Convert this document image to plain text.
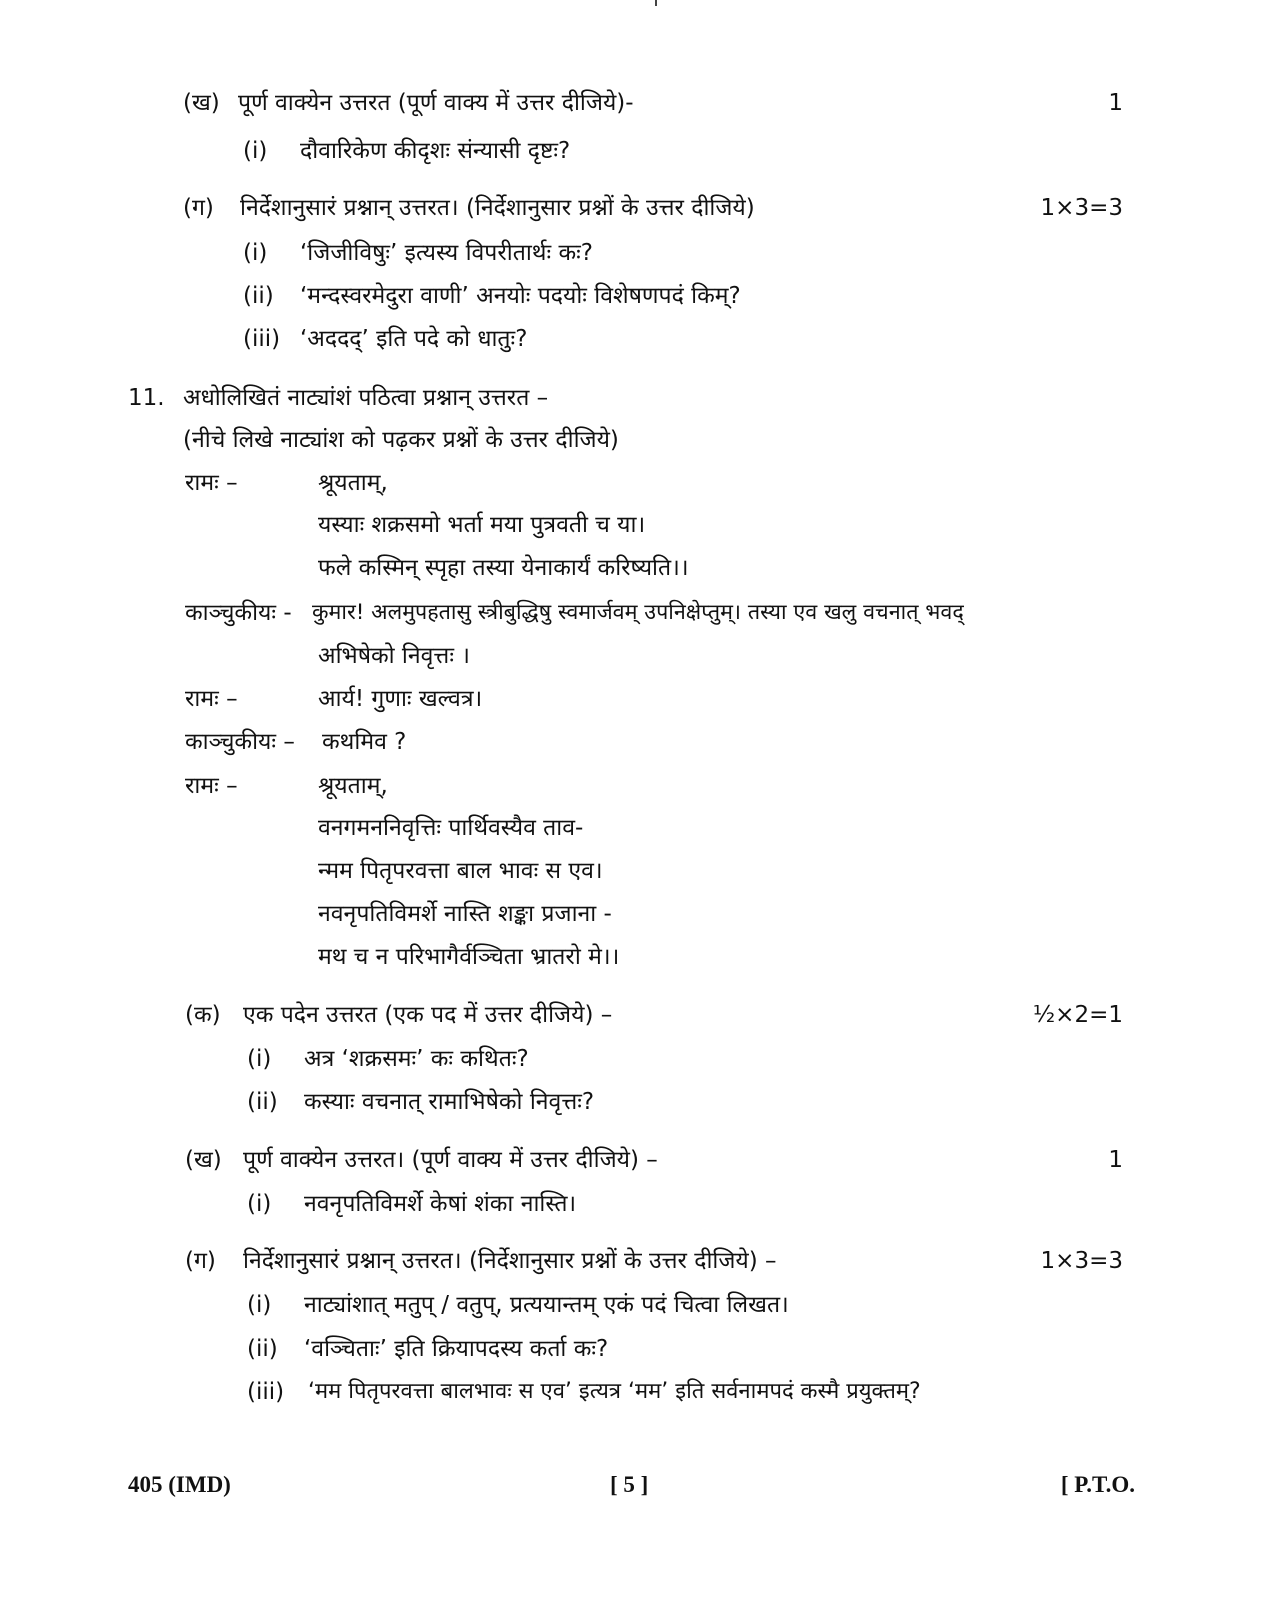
(ख) पूर्ण वाक्येन उत्तरत (पूर्ण वाक्य में उत्तर दीजिये)-	1
(i) दौवारिकेण कीदृशः संन्यासी दृष्टः?
(ग) निर्देशानुसारं प्रश्नान् उत्तरत। (निर्देशानुसार प्रश्नों के उत्तर दीजिये)	1×3=3
(i) ‘जिजीविषुः’ इत्यस्य विपरीतार्थः कः?
(ii) ‘मन्दस्वरमेदुरा वाणी’ अनयोः पदयोः विशेषणपदं किम्?
(iii) ‘अददद्’ इति पदे को धातुः?
11. अधोलिखितं नाट्यांशं पठित्वा प्रश्नान् उत्तरत –
(नीचे लिखे नाट्यांश को पढ़कर प्रश्नों के उत्तर दीजिये)
रामः –	श्रूयताम्,
यस्याः शक्रसमो भर्ता मया पुत्रवती च या।
फले कस्मिन् स्पृहा तस्या येनाकार्यं करिष्यति।।
काञ्चुकीयः - कुमार! अलमुपहतासु स्त्रीबुद्धिषु स्वमार्जवम् उपनिक्षेप्तुम्। तस्या एव खलु वचनात् भवद्
अभिषेको निवृत्तः ।
रामः –	आर्य! गुणाः खल्वत्र।
काञ्चुकीयः – कथमिव ?
रामः –	श्रूयताम्,
वनगमननिवृत्तिः पार्थिवस्यैव ताव-
न्मम पितृपरवत्ता बाल भावः स एव।
नवनृपतिविमर्शे नास्ति शङ्का प्रजाना -
मथ च न परिभागैर्वञ्चिता भ्रातरो मे।।
(क) एक पदेन उत्तरत (एक पद में उत्तर दीजिये) –	½×2=1
(i) अत्र ‘शक्रसमः’ कः कथितः?
(ii) कस्याः वचनात् रामाभिषेको निवृत्तः?
(ख) पूर्ण वाक्येन उत्तरत। (पूर्ण वाक्य में उत्तर दीजिये) –	1
(i) नवनृपतिविमर्शे केषां शंका नास्ति।
(ग) निर्देशानुसारं प्रश्नान् उत्तरत। (निर्देशानुसार प्रश्नों के उत्तर दीजिये) –	1×3=3
(i) नाट्यांशात् मतुप् / वतुप्, प्रत्ययान्तम् एकं पदं चित्वा लिखत।
(ii) ‘वञ्चिताः’ इति क्रियापदस्य कर्ता कः?
(iii) ‘मम पितृपरवत्ता बालभावः स एव’ इत्यत्र ‘मम’ इति सर्वनामपदं कस्मै प्रयुक्तम्?
405 (IMD)	[ 5 ]	[ P.T.O.
